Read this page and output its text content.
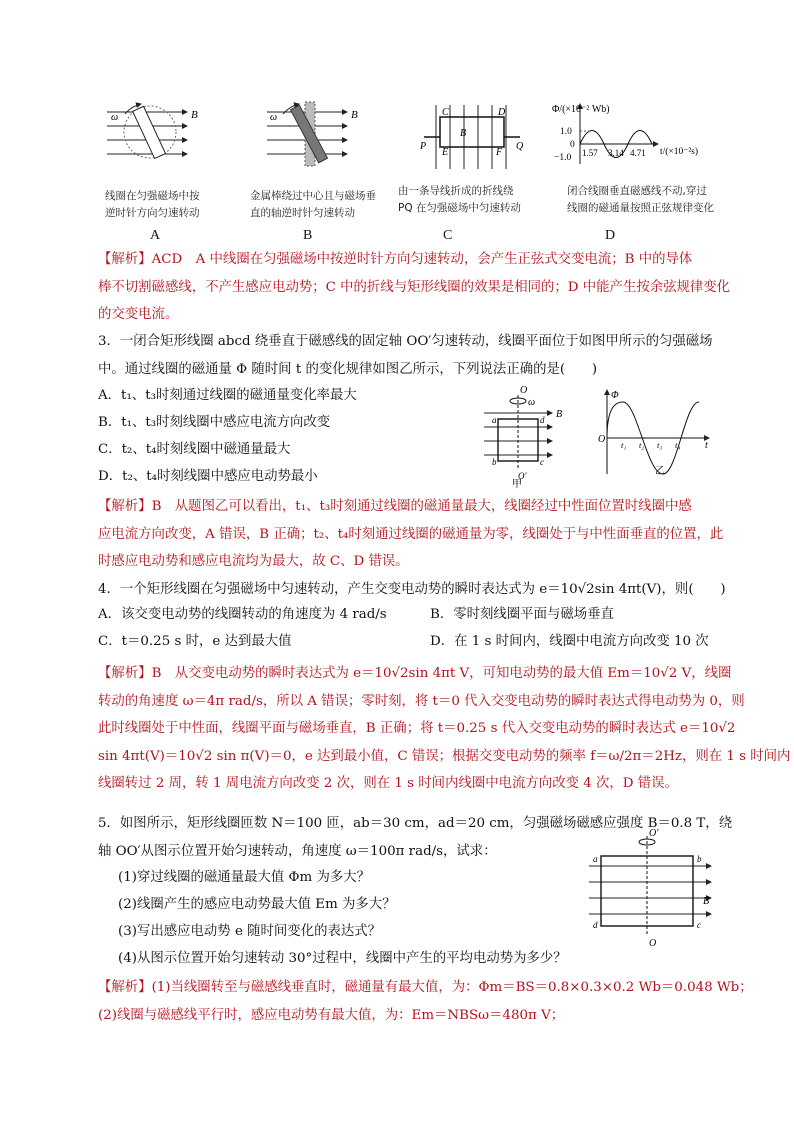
ω	B
线圈在匀强磁场中按
逆时针方向匀速转动
A
ω	B
金属棒绕过中心且与磁场垂
直的轴逆时针匀速转动
B
C	D
B
P
E	F
Q
由一条导线折成的折线绕
PQ 在匀强磁场中匀速转动
C
Φ/(×10⁻² Wb)
t/(×10⁻²s)
1.0
0
−1.0 1.57 3.14 4.71
闭合线圈垂直磁感线不动,穿过
线圈的磁通量按照正弦规律变化
D
【解析】ACD　A 中线圈在匀强磁场中按逆时针方向匀速转动，会产生正弦式交变电流；B 中的导体
棒不切割磁感线，不产生感应电动势；C 中的折线与矩形线圈的效果是相同的；D 中能产生按余弦规律变化
的交变电流。
3．一闭合矩形线圈 abcd 绕垂直于磁感线的固定轴 OO′匀速转动，线圈平面位于如图甲所示的匀强磁场
中。通过线圈的磁通量 Φ 随时间 t 的变化规律如图乙所示，下列说法正确的是(　　)
A．t₁、t₃时刻通过线圈的磁通量变化率最大
B．t₁、t₃时刻线圈中感应电流方向改变
C．t₂、t₄时刻线圈中磁通量最大
D．t₂、t₄时刻线圈中感应电动势最小
O
ω
B
a	d
b	c
O′
甲
Φ
O t₁ t₂ t₃ t₄ t
乙
【解析】B　从题图乙可以看出，t₁、t₃时刻通过线圈的磁通量最大，线圈经过中性面位置时线圈中感
应电流方向改变，A 错误，B 正确；t₂、t₄时刻通过线圈的磁通量为零，线圈处于与中性面垂直的位置，此
时感应电动势和感应电流均为最大，故 C、D 错误。
4．一个矩形线圈在匀强磁场中匀速转动，产生交变电动势的瞬时表达式为 e＝10√2sin 4πt(V)，则(　　)
A．该交变电动势的线圈转动的角速度为 4 rad/s	B．零时刻线圈平面与磁场垂直
C．t＝0.25 s 时，e 达到最大值	D．在 1 s 时间内，线圈中电流方向改变 10 次
【解析】B　从交变电动势的瞬时表达式为 e＝10√2sin 4πt V，可知电动势的最大值 Em＝10√2 V，线圈
转动的角速度 ω＝4π rad/s，所以 A 错误；零时刻，将 t＝0 代入交变电动势的瞬时表达式得电动势为 0，则
此时线圈处于中性面，线圈平面与磁场垂直，B 正确；将 t＝0.25 s 代入交变电动势的瞬时表达式 e＝10√2
sin 4πt(V)＝10√2 sin π(V)＝0，e 达到最小值，C 错误；根据交变电动势的频率 f＝ω/2π＝2Hz，则在 1 s 时间内
线圈转过 2 周，转 1 周电流方向改变 2 次，则在 1 s 时间内线圈中电流方向改变 4 次，D 错误。
5．如图所示，矩形线圈匝数 N＝100 匝，ab＝30 cm，ad＝20 cm，匀强磁场磁感应强度 B＝0.8 T，绕
轴 OO′从图示位置开始匀速转动，角速度 ω＝100π rad/s，试求：
(1)穿过线圈的磁通量最大值 Φm 为多大？
(2)线圈产生的感应电动势最大值 Em 为多大？
(3)写出感应电动势 e 随时间变化的表达式？
(4)从图示位置开始匀速转动 30°过程中，线圈中产生的平均电动势为多少？
O′
a	b
B
d	c
O
【解析】(1)当线圈转至与磁感线垂直时，磁通量有最大值，为：Φm＝BS＝0.8×0.3×0.2 Wb＝0.048 Wb；
(2)线圈与磁感线平行时，感应电动势有最大值，为：Em＝NBSω＝480π V；
